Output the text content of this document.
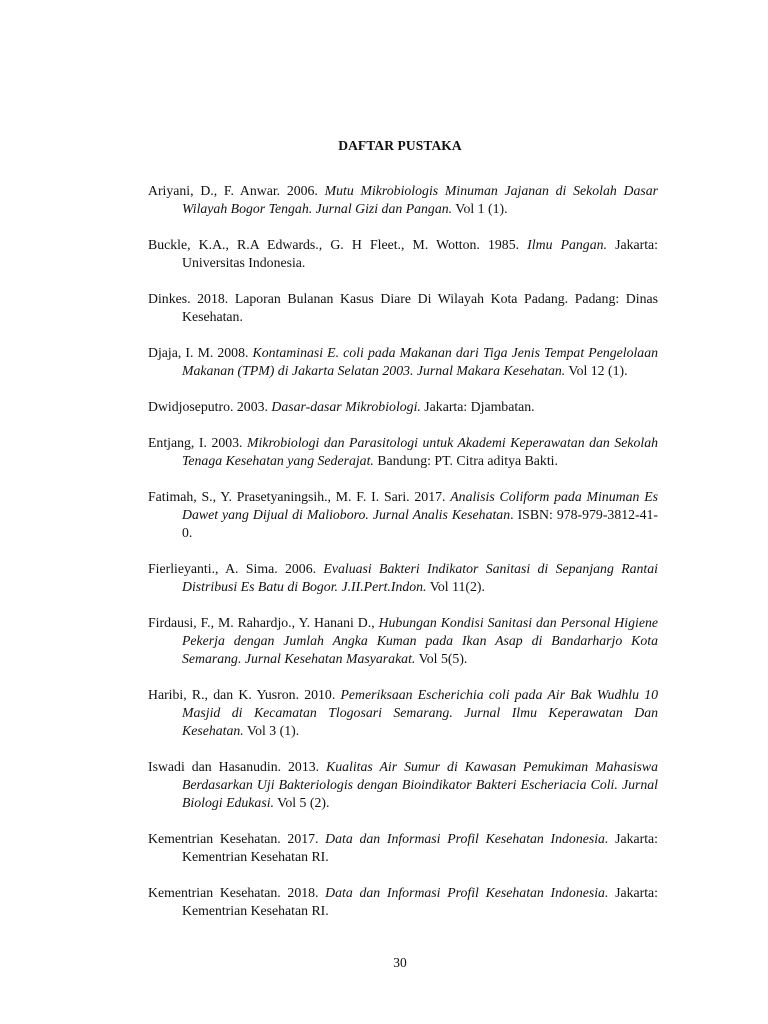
DAFTAR PUSTAKA
Ariyani, D., F. Anwar. 2006. Mutu Mikrobiologis Minuman Jajanan di Sekolah Dasar Wilayah Bogor Tengah. Jurnal Gizi dan Pangan. Vol 1 (1).
Buckle, K.A., R.A Edwards., G. H Fleet., M. Wotton. 1985. Ilmu Pangan. Jakarta: Universitas Indonesia.
Dinkes. 2018. Laporan Bulanan Kasus Diare Di Wilayah Kota Padang. Padang: Dinas Kesehatan.
Djaja, I. M. 2008. Kontaminasi E. coli pada Makanan dari Tiga Jenis Tempat Pengelolaan Makanan (TPM) di Jakarta Selatan 2003. Jurnal Makara Kesehatan. Vol 12 (1).
Dwidjoseputro. 2003. Dasar-dasar Mikrobiologi. Jakarta: Djambatan.
Entjang, I. 2003. Mikrobiologi dan Parasitologi untuk Akademi Keperawatan dan Sekolah Tenaga Kesehatan yang Sederajat. Bandung: PT. Citra aditya Bakti.
Fatimah, S., Y. Prasetyaningsih., M. F. I. Sari. 2017. Analisis Coliform pada Minuman Es Dawet yang Dijual di Malioboro. Jurnal Analis Kesehatan. ISBN: 978-979-3812-41-0.
Fierlieyanti., A. Sima. 2006. Evaluasi Bakteri Indikator Sanitasi di Sepanjang Rantai Distribusi Es Batu di Bogor. J.II.Pert.Indon. Vol 11(2).
Firdausi, F., M. Rahardjo., Y. Hanani D., Hubungan Kondisi Sanitasi dan Personal Higiene Pekerja dengan Jumlah Angka Kuman pada Ikan Asap di Bandarharjo Kota Semarang. Jurnal Kesehatan Masyarakat. Vol 5(5).
Haribi, R., dan K. Yusron. 2010. Pemeriksaan Escherichia coli pada Air Bak Wudhlu 10 Masjid di Kecamatan Tlogosari Semarang. Jurnal Ilmu Keperawatan Dan Kesehatan. Vol 3 (1).
Iswadi dan Hasanudin. 2013. Kualitas Air Sumur di Kawasan Pemukiman Mahasiswa Berdasarkan Uji Bakteriologis dengan Bioindikator Bakteri Escheriacia Coli. Jurnal Biologi Edukasi. Vol 5 (2).
Kementrian Kesehatan. 2017. Data dan Informasi Profil Kesehatan Indonesia. Jakarta: Kementrian Kesehatan RI.
Kementrian Kesehatan. 2018. Data dan Informasi Profil Kesehatan Indonesia. Jakarta: Kementrian Kesehatan RI.
30
